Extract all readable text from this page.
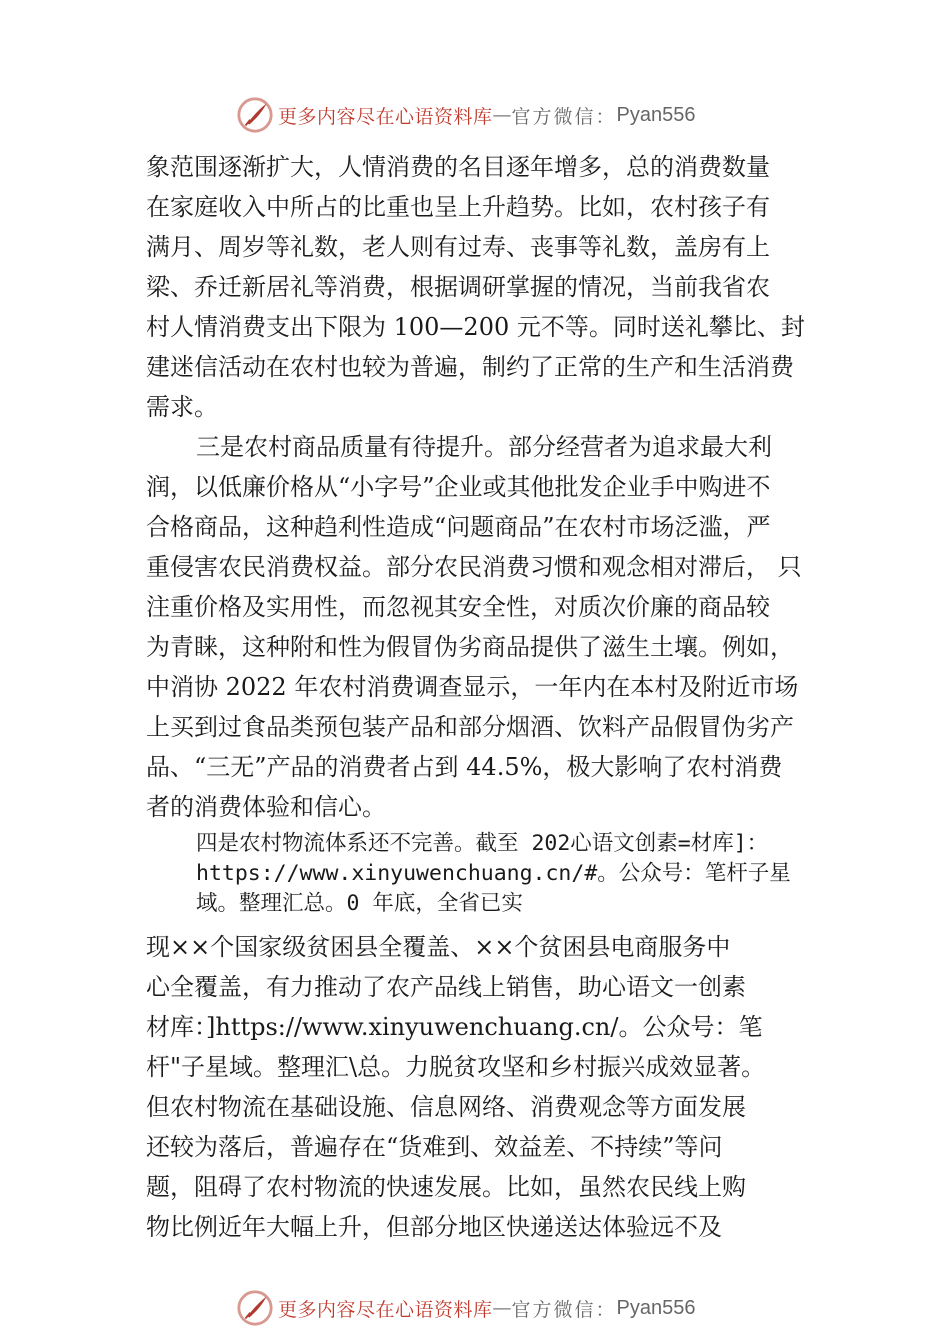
更多内容尽在心语资料库 — 官方微信： Pyan556
象范围逐渐扩大，人情消费的名目逐年增多，总的消费数量
在家庭收入中所占的比重也呈上升趋势。比如，农村孩子有
满月、周岁等礼数，老人则有过寿、丧事等礼数，盖房有上
梁、乔迁新居礼等消费，根据调研掌握的情况，当前我省农
村人情消费支出下限为 100—200 元不等。同时送礼攀比、封
建迷信活动在农村也较为普遍，制约了正常的生产和生活消费
需求。
三是农村商品质量有待提升。部分经营者为追求最大利
润，以低廉价格从“小字号”企业或其他批发企业手中购进不
合格商品，这种趋利性造成“问题商品”在农村市场泛滥，严
重侵害农民消费权益。部分农民消费习惯和观念相对滞后， 只
注重价格及实用性，而忽视其安全性，对质次价廉的商品较
为青睐，这种附和性为假冒伪劣商品提供了滋生土壤。例如，
中消协 2022 年农村消费调查显示，一年内在本村及附近市场
上买到过食品类预包装产品和部分烟酒、饮料产品假冒伪劣产
品、“三无”产品的消费者占到 44.5%，极大影响了农村消费
者的消费体验和信心。
四是农村物流体系还不完善。截至 202心语文创素=材库]：
https://www.xinyuwenchuang.cn/#。公众号：笔杆子星
域。整理汇总。0 年底，全省已实
现××个国家级贫困县全覆盖、××个贫困县电商服务中
心全覆盖，有力推动了农产品线上销售，助心语文一创素
材库：]https://www.xinyuwenchuang.cn/。公众号：笔
杆"子星域。整理汇\总。力脱贫攻坚和乡村振兴成效显著。
但农村物流在基础设施、信息网络、消费观念等方面发展
还较为落后，普遍存在“货难到、效益差、不持续”等问
题，阻碍了农村物流的快速发展。比如，虽然农民线上购
物比例近年大幅上升，但部分地区快递送达体验远不及
更多内容尽在心语资料库 — 官方微信： Pyan556
